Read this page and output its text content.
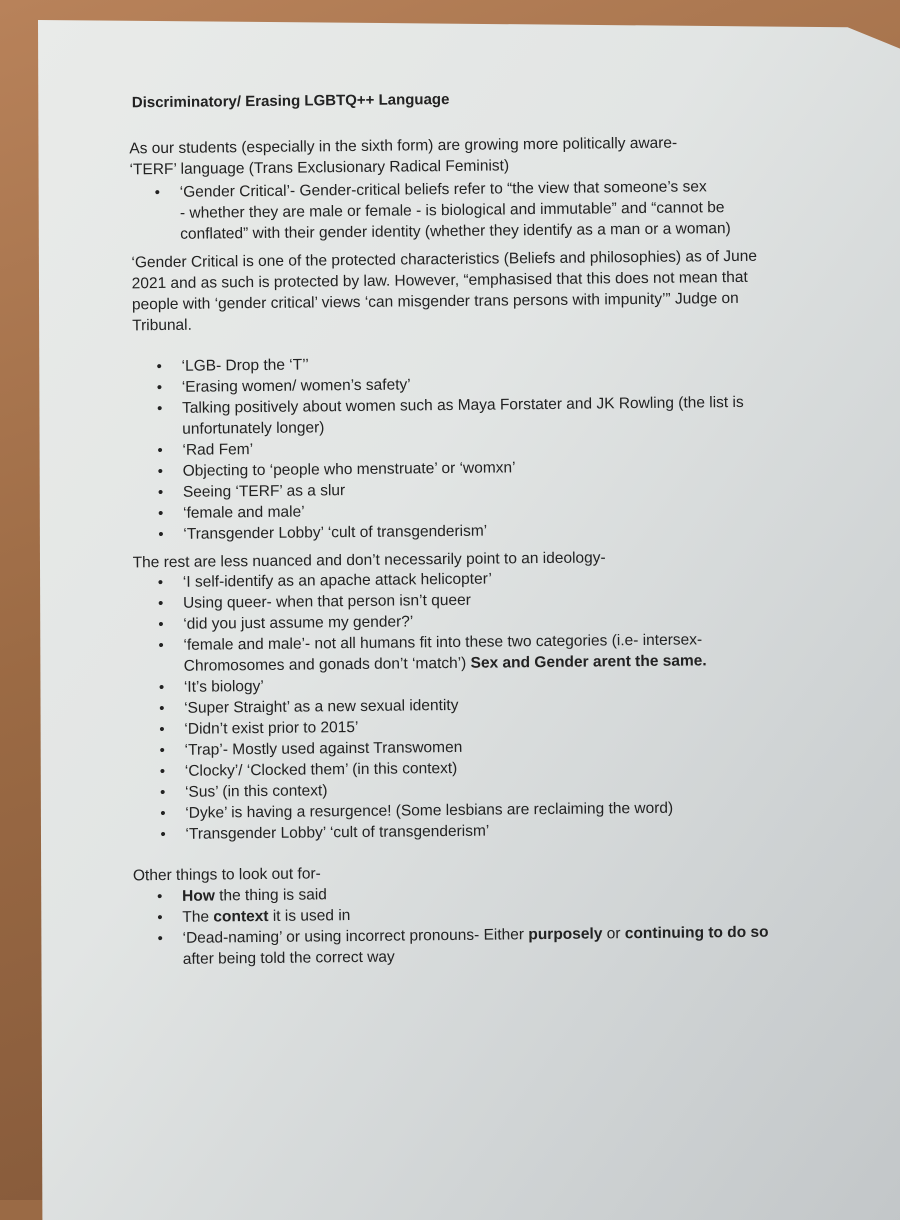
Discriminatory/ Erasing LGBTQ++ Language

As our students (especially in the sixth form) are growing more politically aware-

‘TERF’ language (Trans Exclusionary Radical Feminist)

• ‘Gender Critical’- Gender-critical beliefs refer to “the view that someone’s sex

- whether they are male or female - is biological and immutable” and “cannot be

conflated” with their gender identity (whether they identify as a man or a woman)

‘Gender Critical is one of the protected characteristics (Beliefs and philosophies) as of June

2021 and as such is protected by law. However, “emphasised that this does not mean that

people with ‘gender critical’ views ‘can misgender trans persons with impunity’” Judge on

Tribunal.

• ‘LGB- Drop the ‘T’’
• ‘Erasing women/ women’s safety’
• Talking positively about women such as Maya Forstater and JK Rowling (the list is
unfortunately longer)
• ‘Rad Fem’
• Objecting to ‘people who menstruate’ or ‘womxn’
• Seeing ‘TERF’ as a slur
• ‘female and male’
• ‘Transgender Lobby’ ‘cult of transgenderism’
The rest are less nuanced and don’t necessarily point to an ideology-
• ‘I self-identify as an apache attack helicopter’
• Using queer- when that person isn’t queer
• ‘did you just assume my gender?’
• ‘female and male’- not all humans fit into these two categories (i.e- intersex-
Chromosomes and gonads don’t ‘match’) Sex and Gender arent the same.
• ‘It’s biology’
• ‘Super Straight’ as a new sexual identity
• ‘Didn’t exist prior to 2015’
• ‘Trap’- Mostly used against Transwomen
• ‘Clocky’/ ‘Clocked them’ (in this context)
• ‘Sus’ (in this context)
• ‘Dyke’ is having a resurgence! (Some lesbians are reclaiming the word)
• ‘Transgender Lobby’ ‘cult of transgenderism’
Other things to look out for-
• How the thing is said
• The context it is used in
• ‘Dead-naming’ or using incorrect pronouns- Either purposely or continuing to do so
after being told the correct way
